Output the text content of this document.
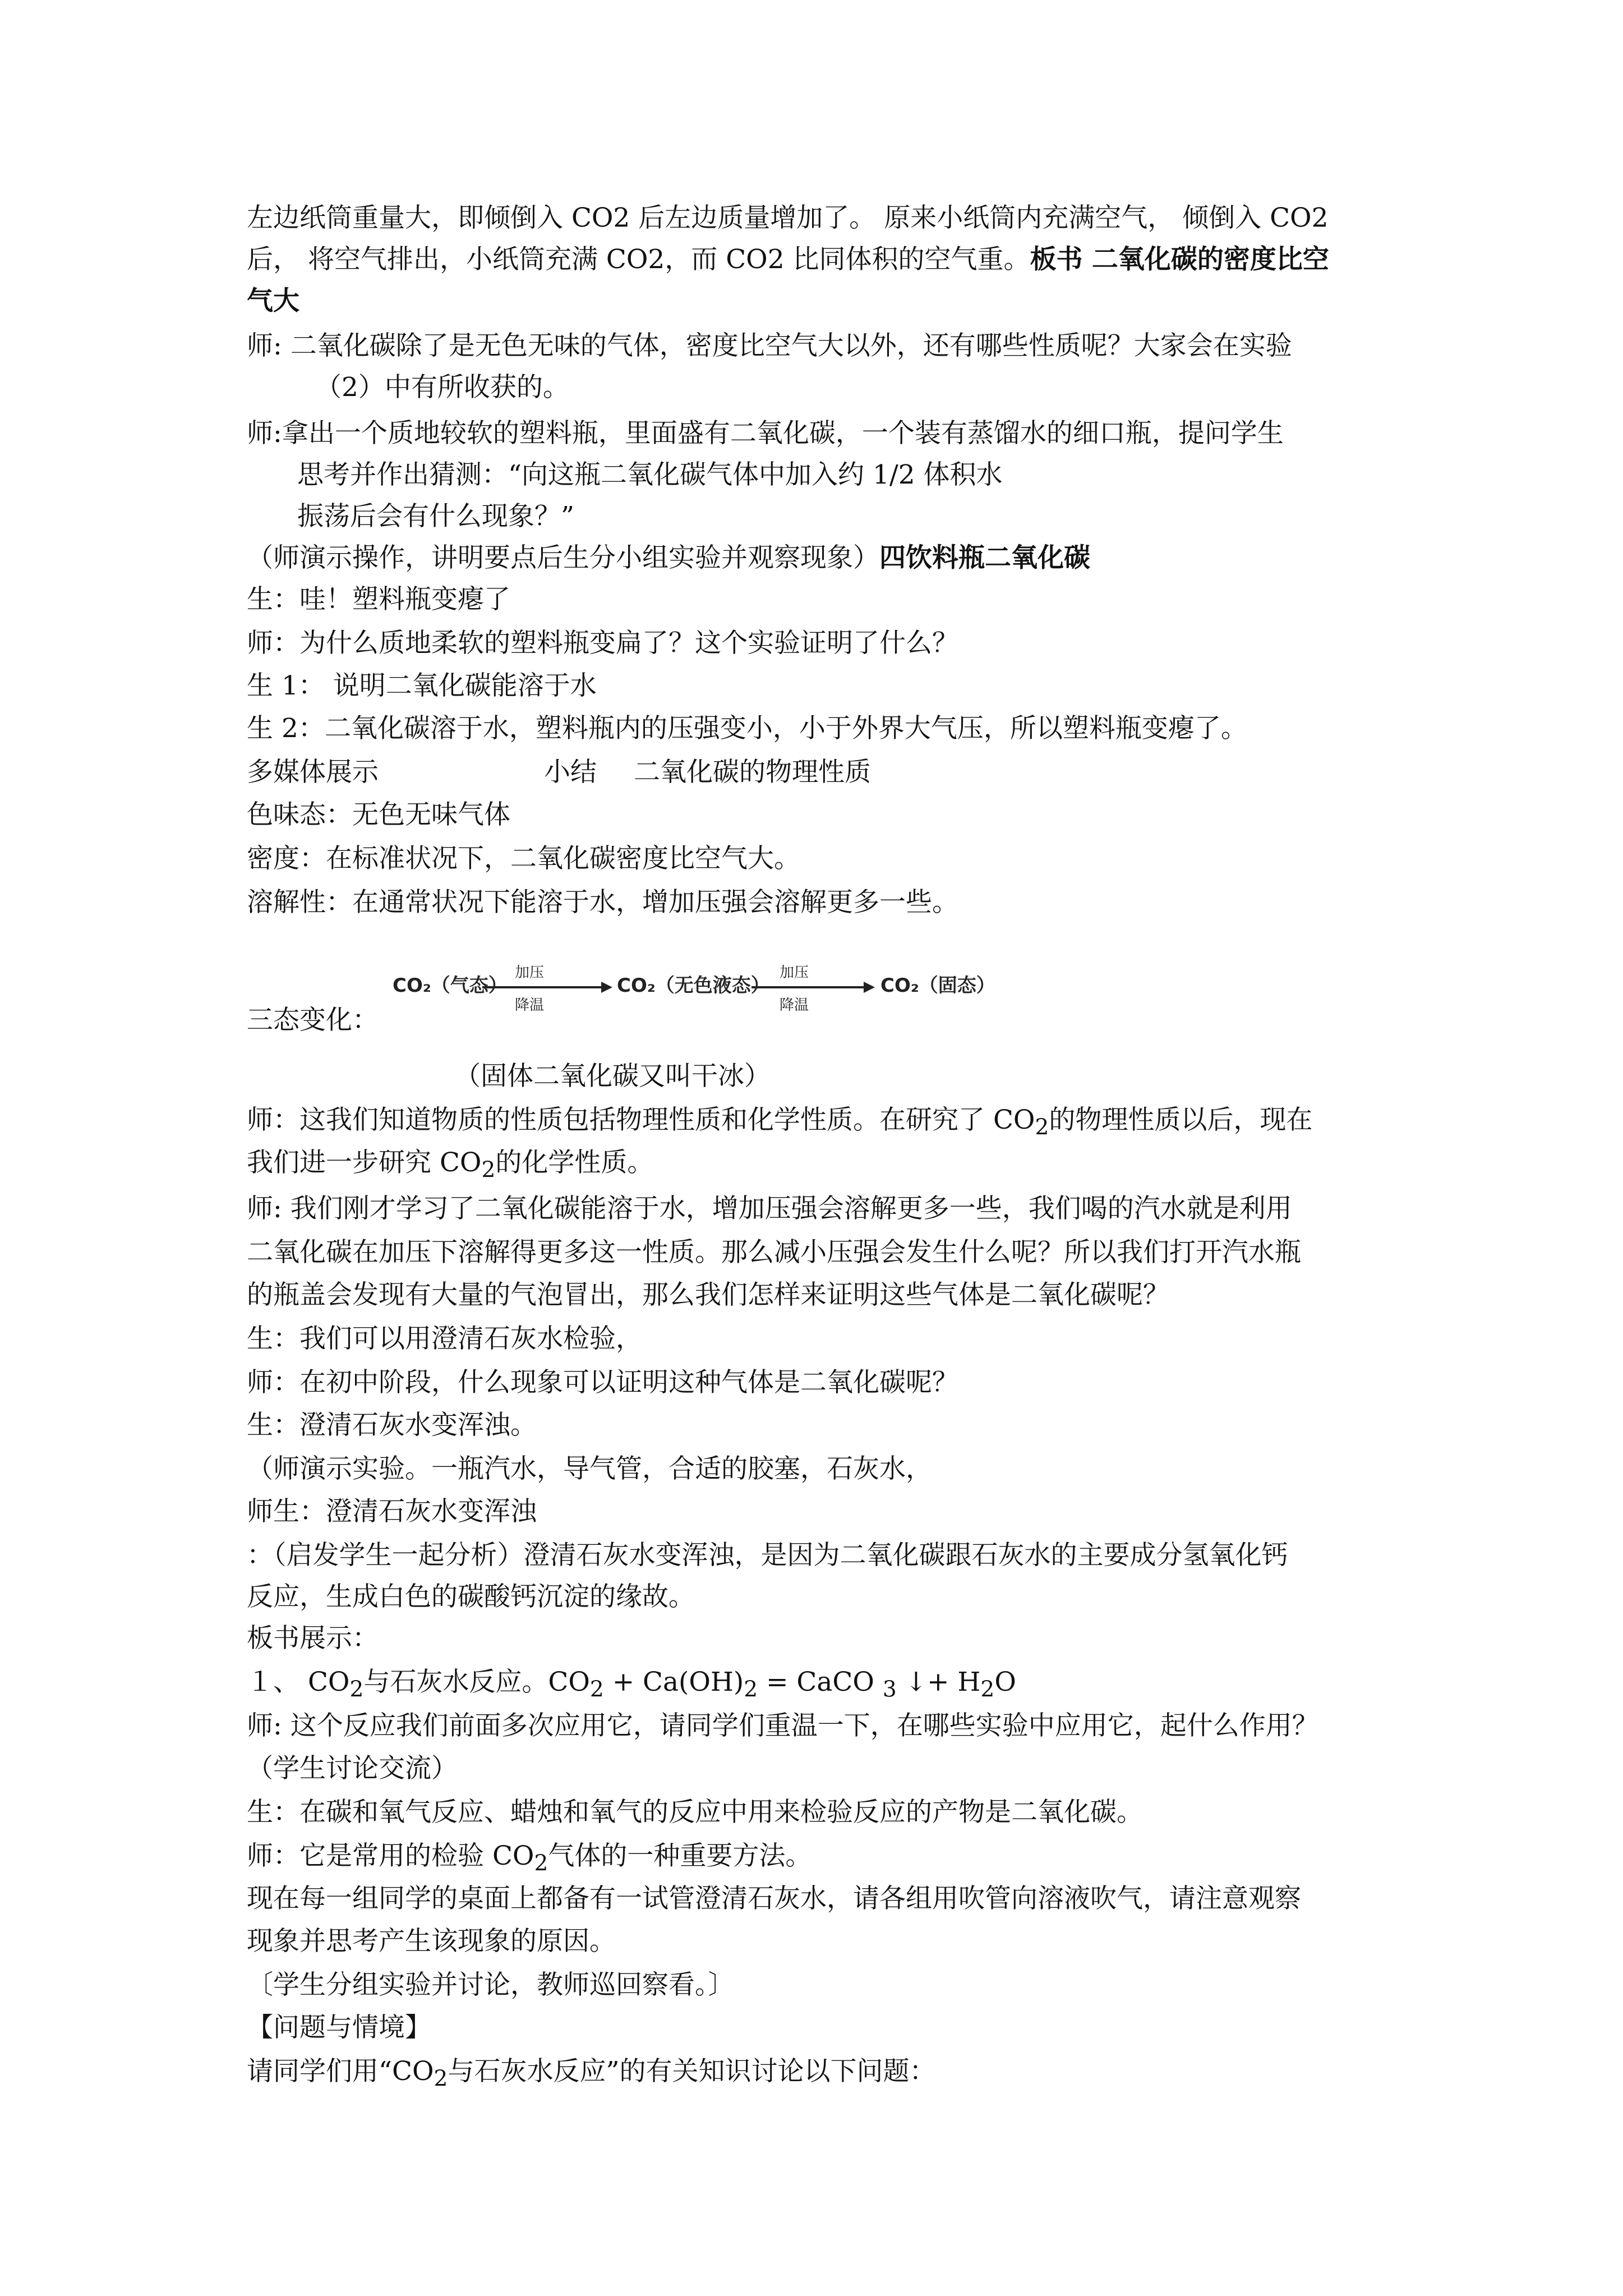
左边纸筒重量大，即倾倒入 CO2 后左边质量增加了。 原来小纸筒内充满空气， 倾倒入 CO2
后， 将空气排出，小纸筒充满 CO2，而 CO2 比同体积的空气重。板书 二氧化碳的密度比空
气大
师: 二氧化碳除了是无色无味的气体，密度比空气大以外，还有哪些性质呢？大家会在实验
（2）中有所收获的。
师:拿出一个质地较软的塑料瓶，里面盛有二氧化碳，一个装有蒸馏水的细口瓶，提问学生
思考并作出猜测：“向这瓶二氧化碳气体中加入约 1/2 体积水
振荡后会有什么现象？”
（师演示操作，讲明要点后生分小组实验并观察现象）四饮料瓶二氧化碳
生：哇！塑料瓶变瘪了
师：为什么质地柔软的塑料瓶变扁了？这个实验证明了什么？
生 1： 说明二氧化碳能溶于水
生 2：二氧化碳溶于水，塑料瓶内的压强变小，小于外界大气压，所以塑料瓶变瘪了。
多媒体展示	小结 二氧化碳的物理性质
色味态：无色无味气体
密度：在标准状况下，二氧化碳密度比空气大。
溶解性：在通常状况下能溶于水，增加压强会溶解更多一些。
CO₂（气态）
加压
降温
CO₂（无色液态）
加压
降温
CO₂（固态）
三态变化：
（固体二氧化碳又叫干冰）
师：这我们知道物质的性质包括物理性质和化学性质。在研究了 $CO_2$的物理性质以后，现在
我们进一步研究 $CO_2$的化学性质。
师: 我们刚才学习了二氧化碳能溶于水，增加压强会溶解更多一些，我们喝的汽水就是利用
二氧化碳在加压下溶解得更多这一性质。那么减小压强会发生什么呢？所以我们打开汽水瓶
的瓶盖会发现有大量的气泡冒出，那么我们怎样来证明这些气体是二氧化碳呢？
生：我们可以用澄清石灰水检验，
师：在初中阶段，什么现象可以证明这种气体是二氧化碳呢？
生：澄清石灰水变浑浊。
（师演示实验。一瓶汽水，导气管，合适的胶塞，石灰水，
师生：澄清石灰水变浑浊
：（启发学生一起分析）澄清石灰水变浑浊，是因为二氧化碳跟石灰水的主要成分氢氧化钙
反应，生成白色的碳酸钙沉淀的缘故。
板书展示：
１、 $CO_2$与石灰水反应。$CO_2 + Ca(OH)_2$ = CaCO $_3$ ↓+ $H_2O$
师: 这个反应我们前面多次应用它，请同学们重温一下，在哪些实验中应用它，起什么作用？
（学生讨论交流）
生：在碳和氧气反应、蜡烛和氧气的反应中用来检验反应的产物是二氧化碳。
师：它是常用的检验 $CO_2$气体的一种重要方法。
现在每一组同学的桌面上都备有一试管澄清石灰水，请各组用吹管向溶液吹气，请注意观察
现象并思考产生该现象的原因。
〔学生分组实验并讨论，教师巡回察看。〕
【问题与情境】
请同学们用“$CO_2$与石灰水反应”的有关知识讨论以下问题：
